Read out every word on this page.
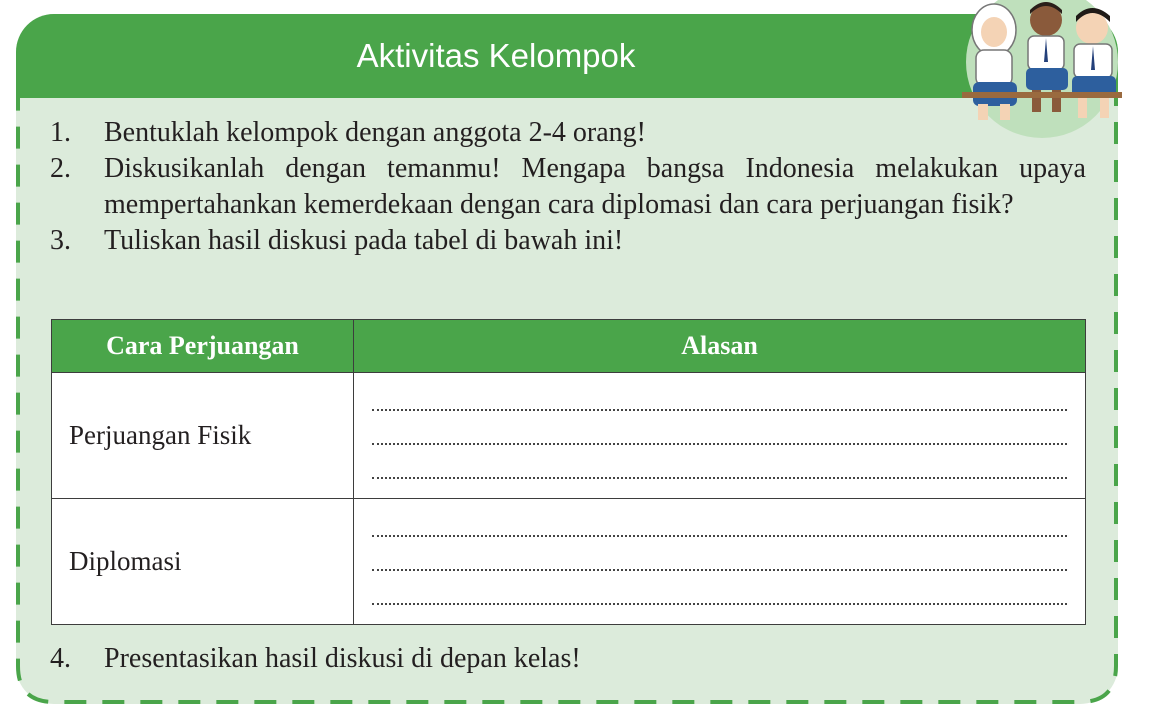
Aktivitas Kelompok
1. Bentuklah kelompok dengan anggota 2-4 orang!
2. Diskusikanlah dengan temanmu! Mengapa bangsa Indonesia melakukan upaya mempertahankan kemerdekaan dengan cara diplomasi dan cara perjuangan fisik?
3. Tuliskan hasil diskusi pada tabel di bawah ini!
Cara Perjuangan	Alasan
Perjuangan Fisik	

Diplomasi	
4. Presentasikan hasil diskusi di depan kelas!
